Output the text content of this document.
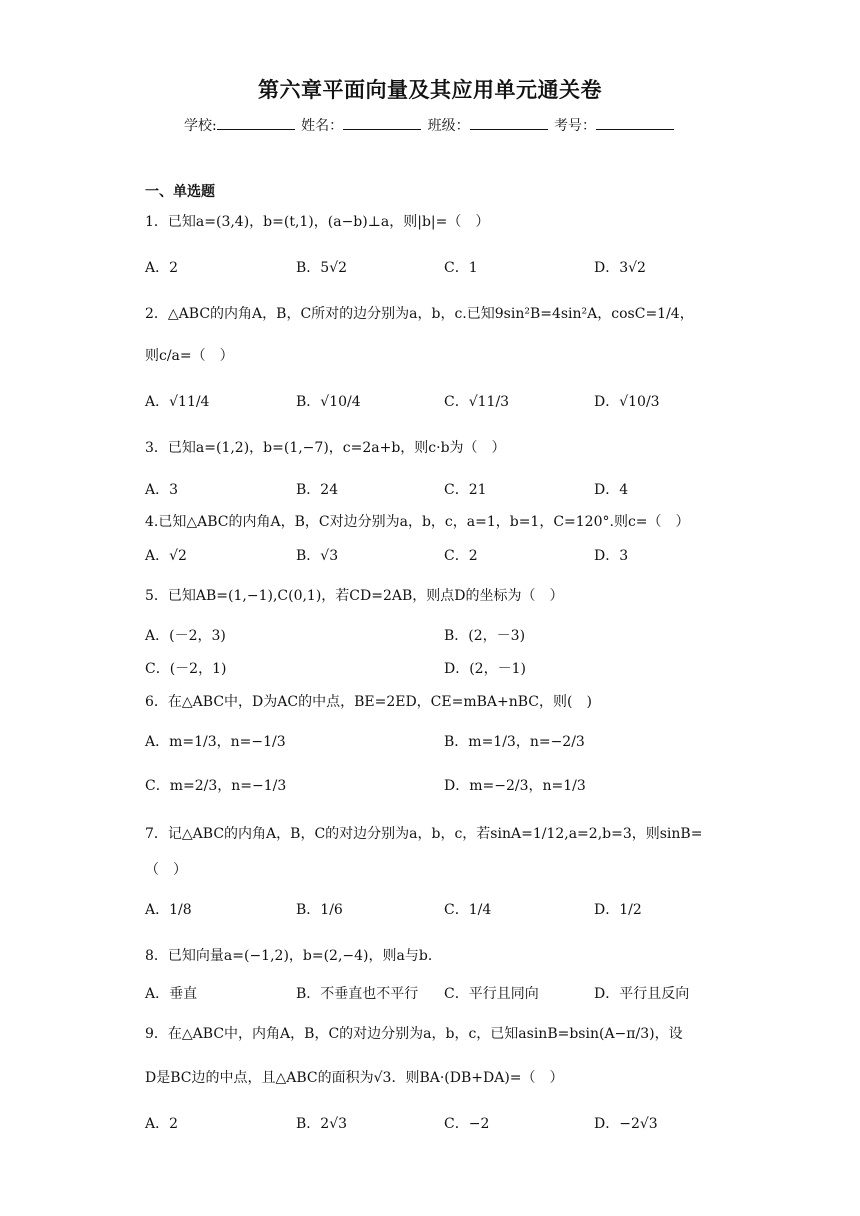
第六章平面向量及其应用单元通关卷
学校:	姓名：	班级：	考号：
一、单选题
1．已知a=(3,4)，b=(t,1)，(a−b)⊥a，则|b|=（　）
A．2	B．5√2	C．1	D．3√2
2．△ABC的内角A，B，C所对的边分别为a，b，c.已知9sin²B=4sin²A，cosC=1/4，
则c/a=（　）
A．√11/4	B．√10/4	C．√11/3	D．√10/3
3．已知a=(1,2)，b=(1,−7)，c=2a+b，则c·b为（　）
A．3	B．24	C．21	D．4
4.已知△ABC的内角A，B，C对边分别为a，b，c，a=1，b=1，C=120°.则c=（　）
A．√2	B．√3	C．2	D．3
5．已知AB=(1,−1),C(0,1)，若CD=2AB，则点D的坐标为（　）
A．(－2，3)	B．(2，－3)
C．(－2，1)	D．(2，－1)
6．在△ABC中，D为AC的中点，BE=2ED，CE=mBA+nBC，则(　)
A．m=1/3，n=−1/3	B．m=1/3，n=−2/3
C．m=2/3，n=−1/3	D．m=−2/3，n=1/3
7．记△ABC的内角A，B，C的对边分别为a，b，c，若sinA=1/12,a=2,b=3，则sinB=
（　）
A．1/8	B．1/6	C．1/4	D．1/2
8．已知向量a=(−1,2)，b=(2,−4)，则a与b．
A．垂直	B．不垂直也不平行 C．平行且同向	D．平行且反向
9．在△ABC中，内角A，B，C的对边分别为a，b，c，已知asinB=bsin(A−π/3)，设
D是BC边的中点，且△ABC的面积为√3．则BA·(DB+DA)=（　）
A．2	B．2√3	C．−2	D．−2√3
